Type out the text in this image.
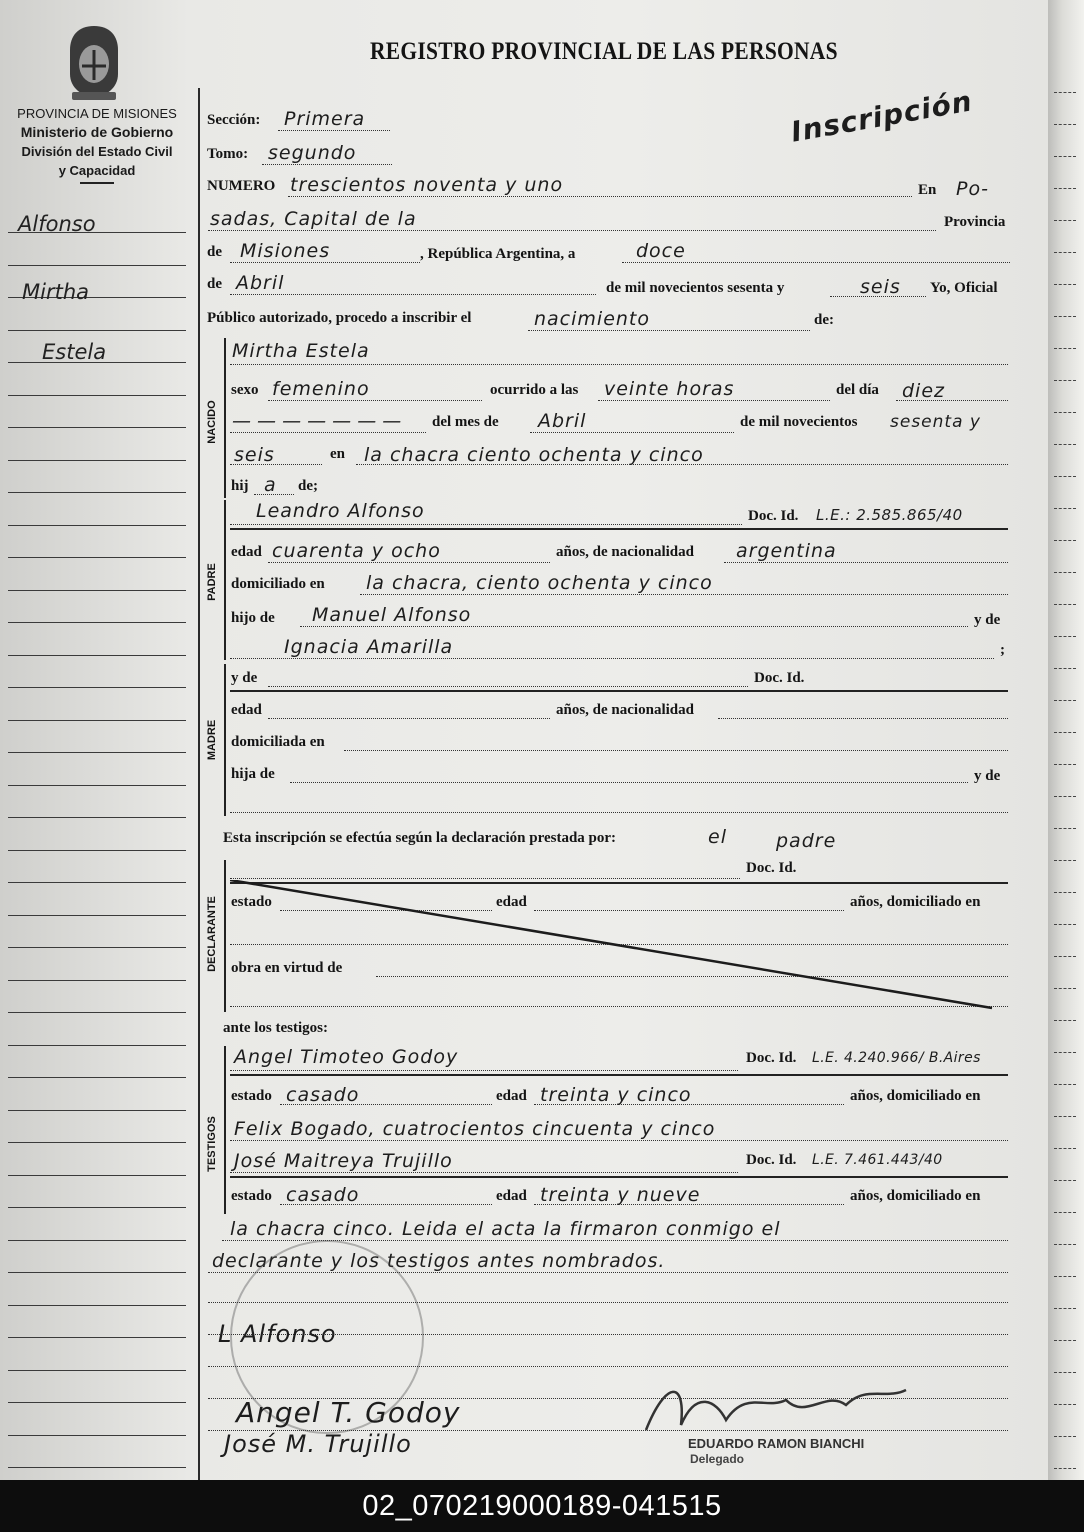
PROVINCIA DE MISIONES
Ministerio de Gobierno
División del Estado Civil
y Capacidad
Alfonso
Mirtha
Estela
REGISTRO PROVINCIAL DE LAS PERSONAS
Inscripción
Sección: Primera
Tomo: segundo
NUMERO trescientos noventa y uno	En Po-
sadas, Capital de la	Provincia
de Misiones	, República Argentina, a	doce
de Abril	de mil novecientos sesenta y	seis Yo, Oficial
Público autorizado, procedo a inscribir el	nacimiento	de:
NACIDO
Mirtha Estela
sexo femenino	ocurrido a las veinte horas	del día diez
— — — — — — — del mes de Abril	de mil novecientos sesenta y
seis	en la chacra ciento ochenta y cinco
hij a de;
PADRE
Leandro Alfonso	Doc. Id. L.E.: 2.585.865/40
edad cuarenta y ocho	años, de nacionalidad argentina
domiciliado en la chacra, ciento ochenta y cinco
hijo de Manuel Alfonso	y de
Ignacia Amarilla	;
MADRE
y de	Doc. Id.
edad	años, de nacionalidad
domiciliada en
hija de	y de
Esta inscripción se efectúa según la declaración prestada por:	el	padre
DECLARANTE
Doc. Id.
estado	edad	años, domiciliado en
obra en virtud de
ante los testigos:
TESTIGOS
Angel Timoteo Godoy	Doc. Id. L.E. 4.240.966/ B.Aires
estado casado	edad treinta y cinco	años, domiciliado en
Felix Bogado, cuatrocientos cincuenta y cinco
José Maitreya Trujillo	Doc. Id. L.E. 7.461.443/40
estado casado	edad treinta y nueve	años, domiciliado en
la chacra cinco. Leida el acta la firmaron conmigo el
declarante y los testigos antes nombrados.
L Alfonso
Angel T. Godoy
José M. Trujillo	EDUARDO RAMON BIANCHI
Delegado
02_070219000189-041515
